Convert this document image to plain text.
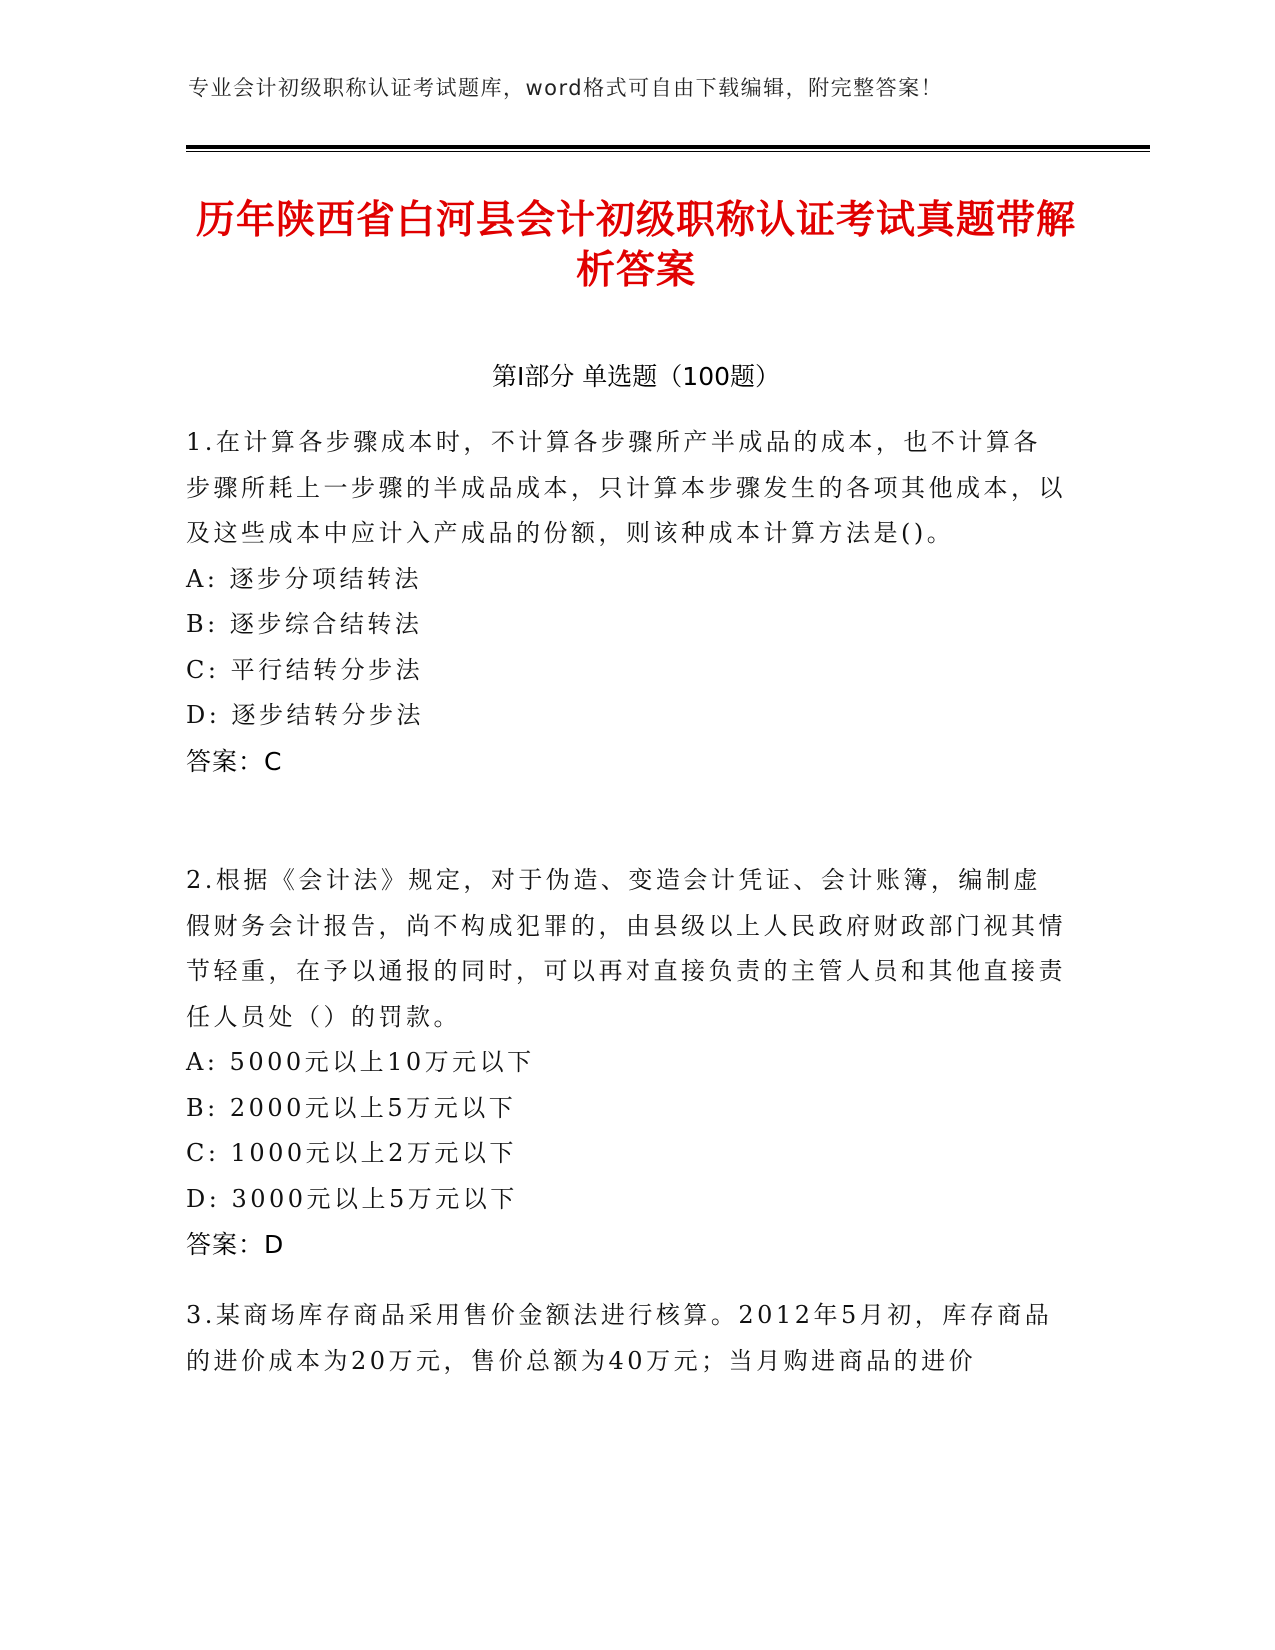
专业会计初级职称认证考试题库，word格式可自由下载编辑，附完整答案！
历年陕西省白河县会计初级职称认证考试真题带解析答案
第I部分 单选题（100题）
1.在计算各步骤成本时，不计算各步骤所产半成品的成本，也不计算各步骤所耗上一步骤的半成品成本，只计算本步骤发生的各项其他成本，以及这些成本中应计入产成品的份额，则该种成本计算方法是()。
A: 逐步分项结转法
B: 逐步综合结转法
C: 平行结转分步法
D: 逐步结转分步法
答案：C
2.根据《会计法》规定，对于伪造、变造会计凭证、会计账簿，编制虚假财务会计报告，尚不构成犯罪的，由县级以上人民政府财政部门视其情节轻重，在予以通报的同时，可以再对直接负责的主管人员和其他直接责任人员处（）的罚款。
A: 5000元以上10万元以下
B: 2000元以上5万元以下
C: 1000元以上2万元以下
D: 3000元以上5万元以下
答案：D
3.某商场库存商品采用售价金额法进行核算。2012年5月初，库存商品的进价成本为20万元，售价总额为40万元；当月购进商品的进价
